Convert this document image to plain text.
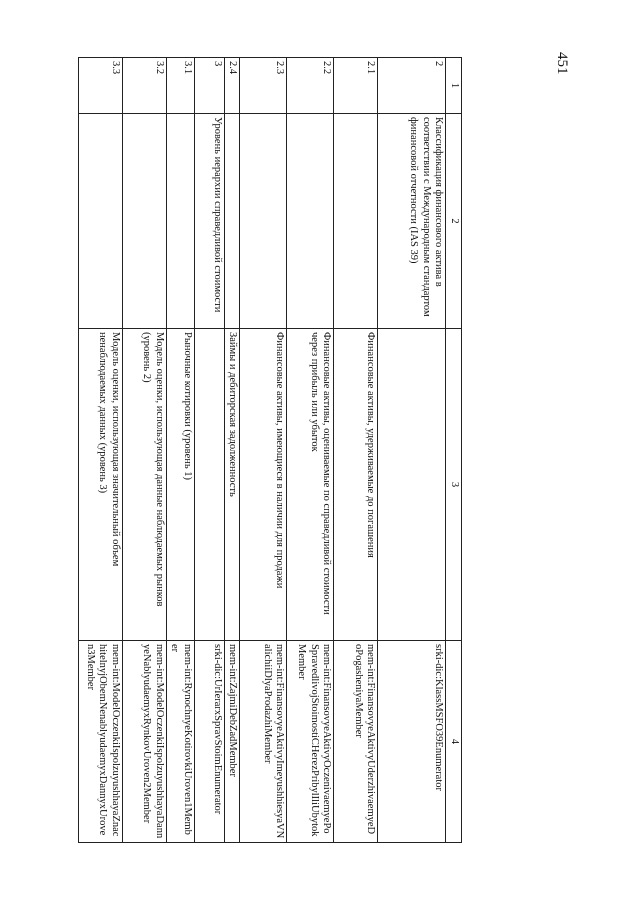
451
1	2	3	4
2	Классификация финансового актива в соответствии с Международным стандартом финансовой отчетности (IAS 39)		srki-dic:KlassMSFO39Enumerator
2.1		Финансовые активы, удерживаемые до погашения	mem-int:FinansovyeAktivyUderzhivaemyeDoPogasheniyaMember
2.2		Финансовые активы, оцениваемые по справедливой стоимости через прибыль или убыток	mem-int:FinansovyeAktivyOczenivaemyePoSpravedlivojStoimostiCHerezPribylIliUbytokMember
2.3		Финансовые активы, имеющиеся в наличии для продажи	mem-int:FinansovyeAktivyImeyushhiesyaVNalichiiDlyaProdazhiMember
2.4		Займы и дебиторская задолженность	mem-int:ZajmiDebZadMember
3	Уровень иерархии справедливой стоимости		srki-dic:UrIerarxSpravStoimEnumerator
3.1		Рыночные котировки (уровень 1)	mem-int:RynochnyeKotirovkiUroven1Member
3.2		Модель оценки, использующая данные наблюдаемых рынков (уровень 2)	mem-int:ModelOczenkiIspolzuyushhayaDannyeNablyudaemyxRynkovUroven2Member
3.3		Модель оценки, использующая значительный объем ненаблюдаемых данных (уровень 3)	mem-int:ModelOczenkiIspolzuyushhayaZnachitelnyjObemNenablyudaemyxDannyxUroven3Member
